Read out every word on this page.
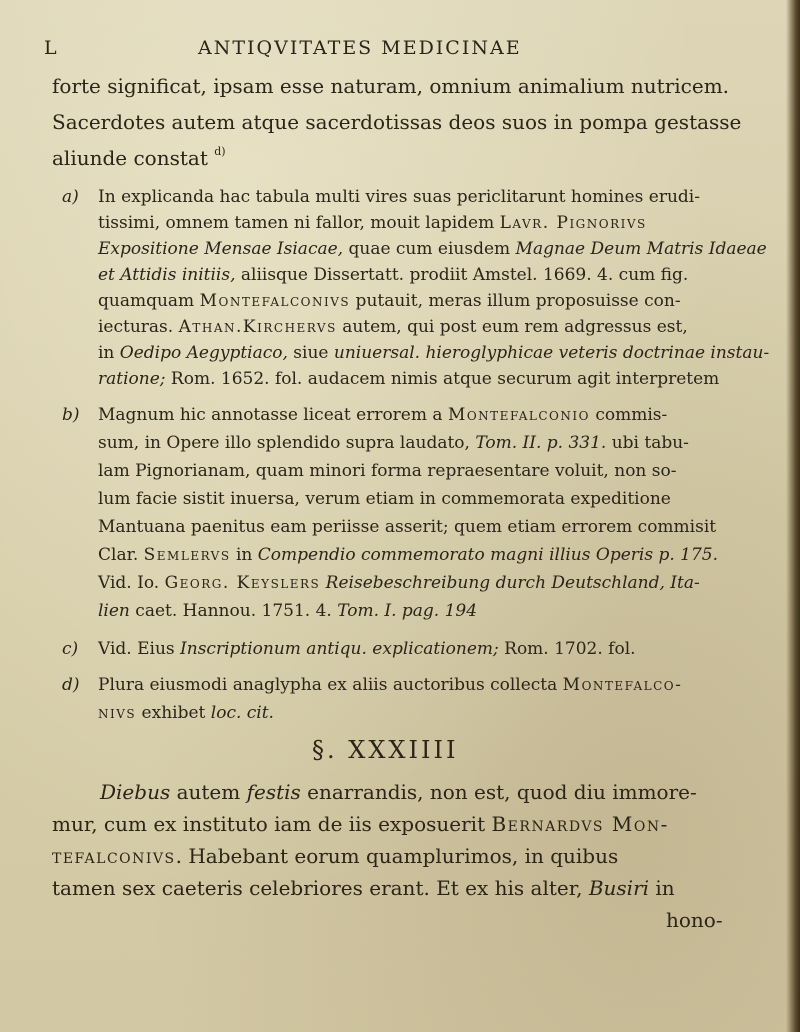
L	ANTIQVITATES MEDICINAE
forte significat, ipsam esse naturam, omnium animalium nutricem.
Sacerdotes autem atque sacerdotissas deos suos in pompa gestasse
aliunde constat $^{d)}$
a) In explicanda hac tabula multi vires suas periclitarunt homines erudi-
tissimi, omnem tamen ni fallor, mouit lapidem Lavr. Pignorivs
Expositione Mensae Isiacae, quae cum eiusdem Magnae Deum Matris Idaeae
et Attidis initiis, aliisque Dissertatt. prodiit Amstel. 1669. 4. cum fig.
quamquam Montefalconivs putauit, meras illum proposuisse con-
iecturas. Athan.Kirchervs autem, qui post eum rem adgressus est,
in Oedipo Aegyptiaco, siue uniuersal. hieroglyphicae veteris doctrinae instau-
ratione; Rom. 1652. fol. audacem nimis atque securum agit interpretem
b) Magnum hic annotasse liceat errorem a Montefalconio commis-
sum, in Opere illo splendido supra laudato, Tom. II. p. 331. ubi tabu-
lam Pignorianam, quam minori forma repraesentare voluit, non so-
lum facie sistit inuersa, verum etiam in commemorata expeditione
Mantuana paenitus eam periisse asserit; quem etiam errorem commisit
Clar. Semlervs in Compendio commemorato magni illius Operis p. 175.
Vid. Io. Georg. Keyslers Reisebeschreibung durch Deutschland, Ita-
lien caet. Hannou. 1751. 4. Tom. I. pag. 194
c) Vid. Eius Inscriptionum antiqu. explicationem; Rom. 1702. fol.
d) Plura eiusmodi anaglypha ex aliis auctoribus collecta Montefalco-
nivs exhibet loc. cit.
§. XXXIIII
Diebus autem festis enarrandis, non est, quod diu immore-
mur, cum ex instituto iam de iis exposuerit Bernardvs Mon-
tefalconivs. Habebant eorum quamplurimos, in quibus
tamen sex caeteris celebriores erant. Et ex his alter, Busiri in
hono-
